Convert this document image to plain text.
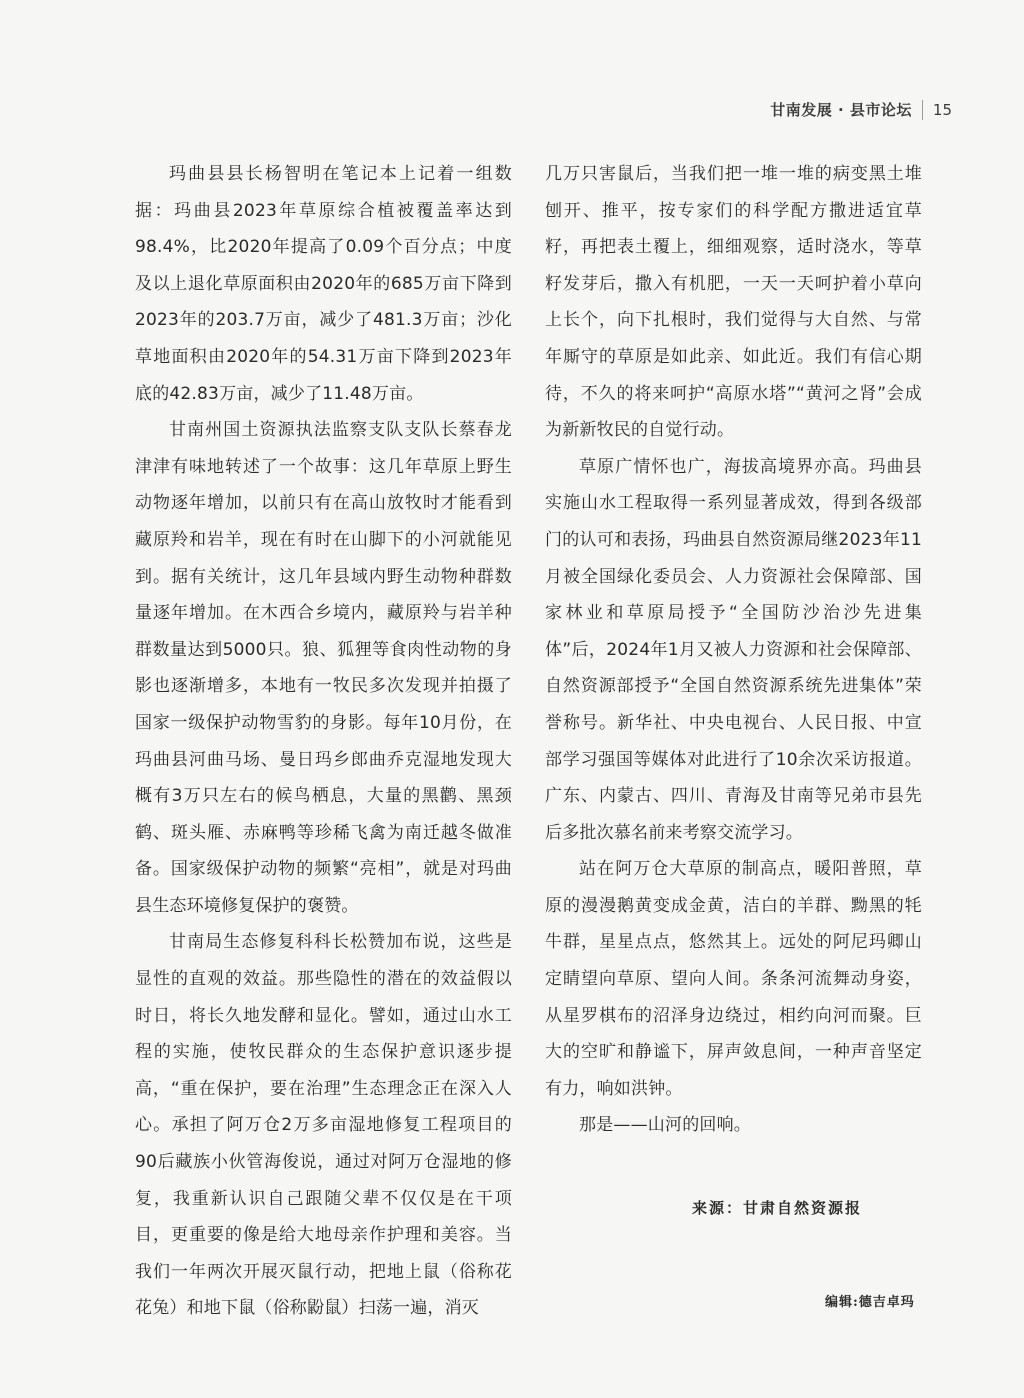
甘南发展 · 县市论坛 15

玛曲县县长杨智明在笔记本上记着一组数据：玛曲县2023年草原综合植被覆盖率达到98.4%，比2020年提高了0.09个百分点；中度及以上退化草原面积由2020年的685万亩下降到2023年的203.7万亩，减少了481.3万亩；沙化草地面积由2020年的54.31万亩下降到2023年底的42.83万亩，减少了11.48万亩。

甘南州国土资源执法监察支队支队长蔡春龙津津有味地转述了一个故事：这几年草原上野生动物逐年增加，以前只有在高山放牧时才能看到藏原羚和岩羊，现在有时在山脚下的小河就能见到。据有关统计，这几年县域内野生动物种群数量逐年增加。在木西合乡境内，藏原羚与岩羊种群数量达到5000只。狼、狐狸等食肉性动物的身影也逐渐增多，本地有一牧民多次发现并拍摄了国家一级保护动物雪豹的身影。每年10月份，在玛曲县河曲马场、曼日玛乡郎曲乔克湿地发现大概有3万只左右的候鸟栖息，大量的黑鹳、黑颈鹤、斑头雁、赤麻鸭等珍稀飞禽为南迁越冬做准备。国家级保护动物的频繁“亮相”，就是对玛曲县生态环境修复保护的褒赞。

甘南局生态修复科科长松赞加布说，这些是显性的直观的效益。那些隐性的潜在的效益假以时日，将长久地发酵和显化。譬如，通过山水工程的实施，使牧民群众的生态保护意识逐步提高，“重在保护，要在治理”生态理念正在深入人心。承担了阿万仓2万多亩湿地修复工程项目的90后藏族小伙管海俊说，通过对阿万仓湿地的修复，我重新认识自己跟随父辈不仅仅是在干项目，更重要的像是给大地母亲作护理和美容。当我们一年两次开展灭鼠行动，把地上鼠（俗称花花兔）和地下鼠（俗称鼢鼠）扫荡一遍，消灭

几万只害鼠后，当我们把一堆一堆的病变黑土堆刨开、推平，按专家们的科学配方撒进适宜草籽，再把表土覆上，细细观察，适时浇水，等草籽发芽后，撒入有机肥，一天一天呵护着小草向上长个，向下扎根时，我们觉得与大自然、与常年厮守的草原是如此亲、如此近。我们有信心期待，不久的将来呵护“高原水塔”“黄河之肾”会成为新新牧民的自觉行动。

草原广情怀也广，海拔高境界亦高。玛曲县实施山水工程取得一系列显著成效，得到各级部门的认可和表扬，玛曲县自然资源局继2023年11月被全国绿化委员会、人力资源社会保障部、国家林业和草原局授予“全国防沙治沙先进集体”后，2024年1月又被人力资源和社会保障部、自然资源部授予“全国自然资源系统先进集体”荣誉称号。新华社、中央电视台、人民日报、中宣部学习强国等媒体对此进行了10余次采访报道。广东、内蒙古、四川、青海及甘南等兄弟市县先后多批次慕名前来考察交流学习。

站在阿万仓大草原的制高点，暖阳普照，草原的漫漫鹅黄变成金黄，洁白的羊群、黝黑的牦牛群，星星点点，悠然其上。远处的阿尼玛卿山定睛望向草原、望向人间。条条河流舞动身姿，从星罗棋布的沼泽身边绕过，相约向河而聚。巨大的空旷和静谧下，屏声敛息间，一种声音坚定有力，响如洪钟。

那是——山河的回响。

来源：甘肃自然资源报
编辑:德吉卓玛
